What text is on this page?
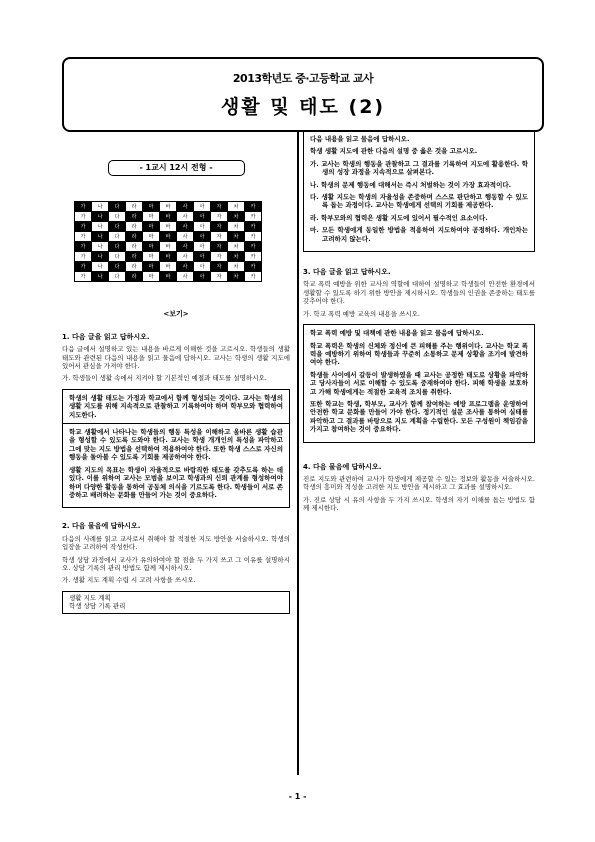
2013학년도 중·고등학교 교사
생활 및 태도 (2)
- 1교시 12시 전형 -
가	나	다	라	마	바	사	아	자	차	카
가	나	다	라	마	바	사	아	자	차	카
가	나	다	라	마	바	사	아	자	차	카
가	나	다	라	마	바	사	아	자	차	카
가	나	다	라	마	바	사	아	자	차	카
가	나	다	라	마	바	사	아	자	차	카
가	나	다	라	마	바	사	아	자	차	카
가	나	다	라	마	바	사	아	자	차	카
<보기>
1. 다음 글을 읽고 답하시오.

다음 글에서 설명하고 있는 내용을 바르게 이해한 것을 고르시오. 학생들의 생활 태도와 관련된 다음의 내용을 읽고 물음에 답하시오. 교사는 학생의 생활 지도에 있어서 관심을 가져야 한다.

가. 학생들이 생활 속에서 지켜야 할 기본적인 예절과 태도를 설명하시오.

학생의 생활 태도는 가정과 학교에서 함께 형성되는 것이다. 교사는 학생의 생활 지도를 위해 지속적으로 관찰하고 기록하여야 하며 학부모와 협력하여 지도한다.

학교 생활에서 나타나는 학생들의 행동 특성을 이해하고 올바른 생활 습관을 형성할 수 있도록 도와야 한다. 교사는 학생 개개인의 특성을 파악하고 그에 맞는 지도 방법을 선택하여 적용하여야 한다. 또한 학생 스스로 자신의 행동을 돌아볼 수 있도록 기회를 제공하여야 한다.

생활 지도의 목표는 학생이 자율적으로 바람직한 태도를 갖추도록 하는 데 있다. 이를 위하여 교사는 모범을 보이고 학생과의 신뢰 관계를 형성하여야 하며 다양한 활동을 통하여 공동체 의식을 기르도록 한다. 학생들이 서로 존중하고 배려하는 문화를 만들어 가는 것이 중요하다.

2. 다음 물음에 답하시오.

다음의 사례를 읽고 교사로서 취해야 할 적절한 지도 방안을 서술하시오. 학생의 입장을 고려하여 작성한다.

학생 상담 과정에서 교사가 유의하여야 할 점을 두 가지 쓰고 그 이유를 설명하시오. 상담 기록의 관리 방법도 함께 제시하시오.

가. 생활 지도 계획 수립 시 고려 사항을 쓰시오.

생활 지도 계획
학생 상담 기록 관리

다음 내용을 읽고 물음에 답하시오.

학생 생활 지도에 관한 다음의 설명 중 옳은 것을 고르시오.

가. 교사는 학생의 행동을 관찰하고 그 결과를 기록하여 지도에 활용한다. 학생의 성장 과정을 지속적으로 살펴본다.

나. 학생의 문제 행동에 대해서는 즉시 처벌하는 것이 가장 효과적이다.

다. 생활 지도는 학생의 자율성을 존중하며 스스로 판단하고 행동할 수 있도록 돕는 과정이다. 교사는 학생에게 선택의 기회를 제공한다.

라. 학부모와의 협력은 생활 지도에 있어서 필수적인 요소이다.

마. 모든 학생에게 동일한 방법을 적용하여 지도하여야 공정하다. 개인차는 고려하지 않는다.

3. 다음 글을 읽고 답하시오.

학교 폭력 예방을 위한 교사의 역할에 대하여 설명하고 학생들이 안전한 환경에서 생활할 수 있도록 하기 위한 방안을 제시하시오. 학생들의 인권을 존중하는 태도를 갖추어야 한다.

가. 학교 폭력 예방 교육의 내용을 쓰시오.

학교 폭력 예방 및 대책에 관한 내용을 읽고 물음에 답하시오.

학교 폭력은 학생의 신체와 정신에 큰 피해를 주는 행위이다. 교사는 학교 폭력을 예방하기 위하여 학생들과 꾸준히 소통하고 문제 상황을 조기에 발견하여야 한다.

학생들 사이에서 갈등이 발생하였을 때 교사는 공정한 태도로 상황을 파악하고 당사자들이 서로 이해할 수 있도록 중재하여야 한다. 피해 학생을 보호하고 가해 학생에게는 적절한 교육적 조치를 취한다.

또한 학교는 학생, 학부모, 교사가 함께 참여하는 예방 프로그램을 운영하여 안전한 학교 문화를 만들어 가야 한다. 정기적인 설문 조사를 통하여 실태를 파악하고 그 결과를 바탕으로 지도 계획을 수립한다. 모든 구성원이 책임감을 가지고 참여하는 것이 중요하다.

4. 다음 물음에 답하시오.

진로 지도와 관련하여 교사가 학생에게 제공할 수 있는 정보와 활동을 서술하시오. 학생의 흥미와 적성을 고려한 지도 방안을 제시하고 그 효과를 설명하시오.

가. 진로 상담 시 유의 사항을 두 가지 쓰시오. 학생의 자기 이해를 돕는 방법도 함께 제시한다.

- 1 -
